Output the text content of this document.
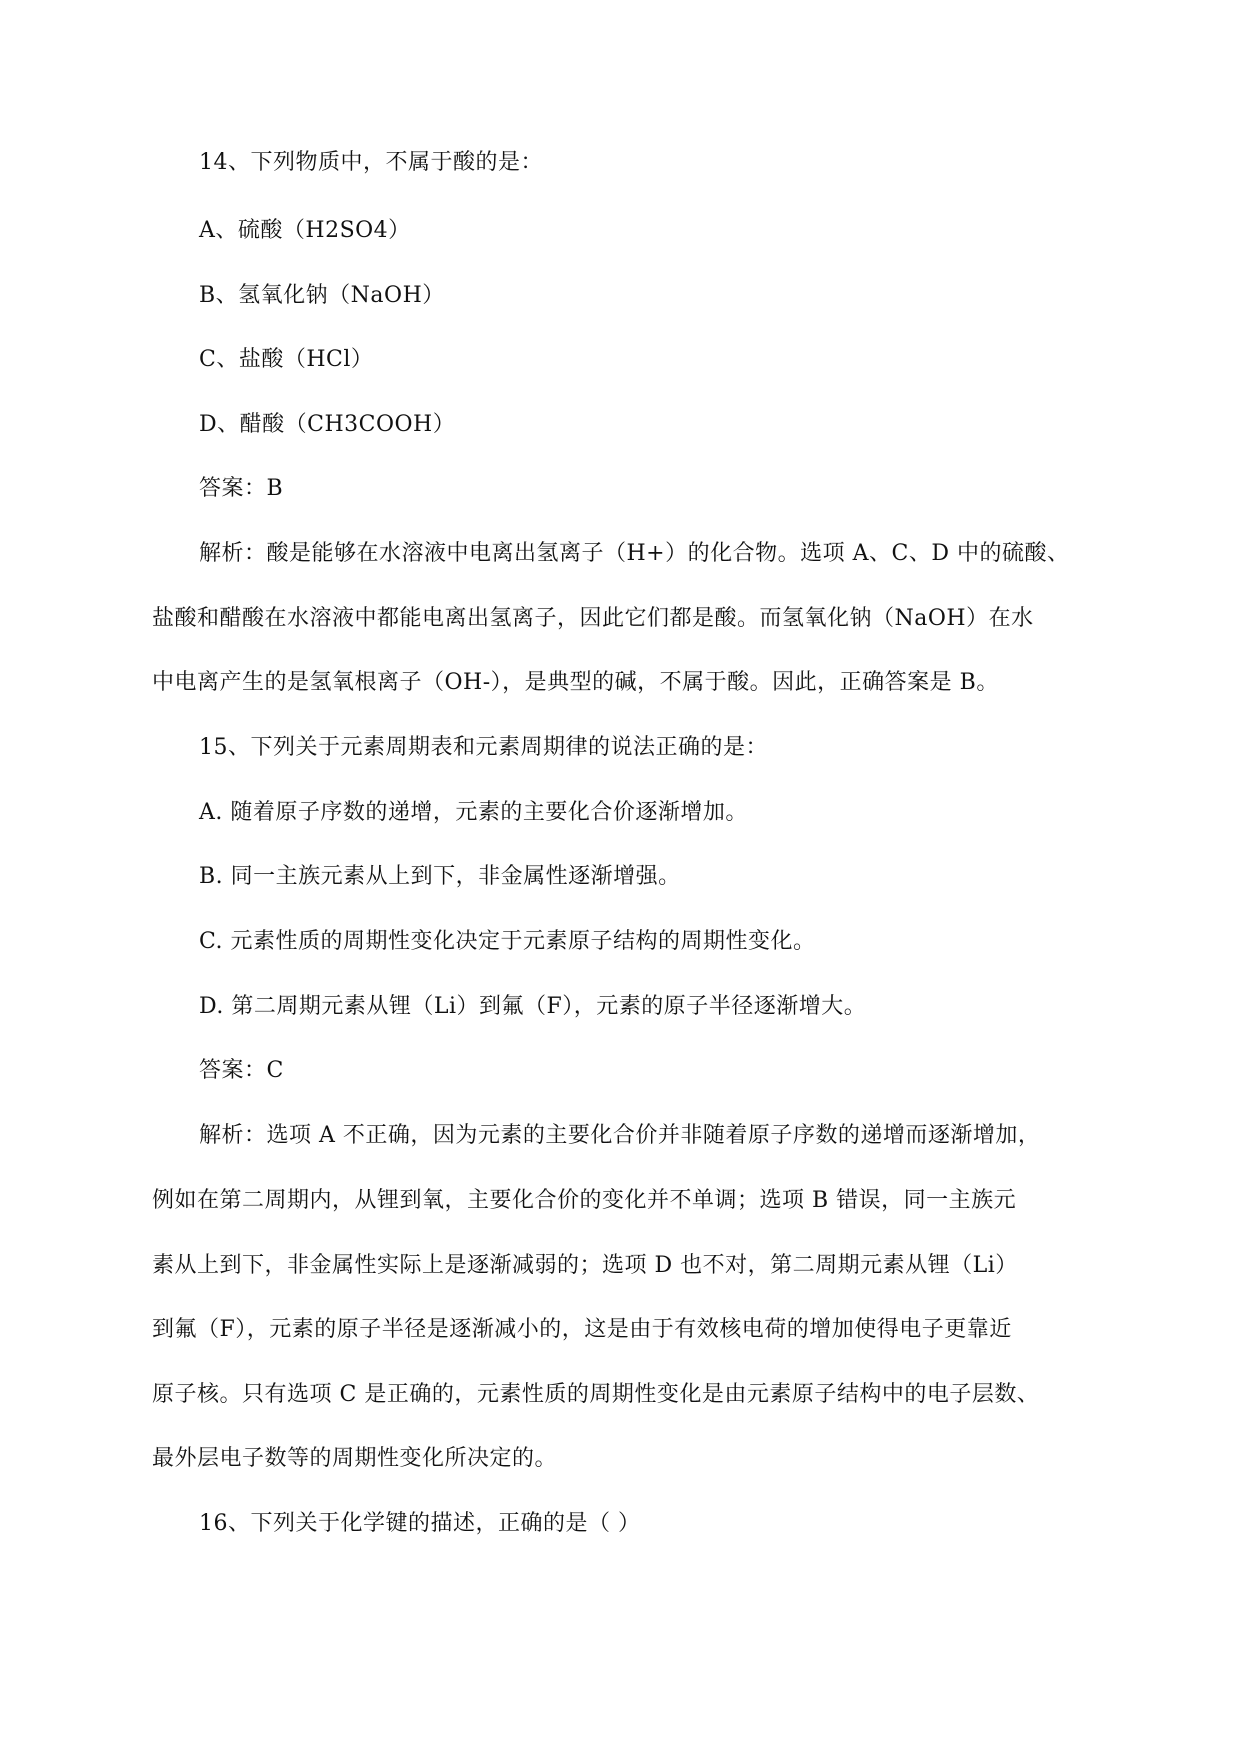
14、下列物质中，不属于酸的是：
A、硫酸（H2SO4）
B、氢氧化钠（NaOH）
C、盐酸（HCl）
D、醋酸（CH3COOH）
答案：B
解析：酸是能够在水溶液中电离出氢离子（H+）的化合物。选项 A、C、D 中的硫酸、
盐酸和醋酸在水溶液中都能电离出氢离子，因此它们都是酸。而氢氧化钠（NaOH）在水
中电离产生的是氢氧根离子（OH-），是典型的碱，不属于酸。因此，正确答案是 B。
15、下列关于元素周期表和元素周期律的说法正确的是：
A. 随着原子序数的递增，元素的主要化合价逐渐增加。
B. 同一主族元素从上到下，非金属性逐渐增强。
C. 元素性质的周期性变化决定于元素原子结构的周期性变化。
D. 第二周期元素从锂（Li）到氟（F），元素的原子半径逐渐增大。
答案：C
解析：选项 A 不正确，因为元素的主要化合价并非随着原子序数的递增而逐渐增加，
例如在第二周期内，从锂到氧，主要化合价的变化并不单调；选项 B 错误，同一主族元
素从上到下，非金属性实际上是逐渐减弱的；选项 D 也不对，第二周期元素从锂（Li）
到氟（F），元素的原子半径是逐渐减小的，这是由于有效核电荷的增加使得电子更靠近
原子核。只有选项 C 是正确的，元素性质的周期性变化是由元素原子结构中的电子层数、
最外层电子数等的周期性变化所决定的。
16、下列关于化学键的描述，正确的是（ ）
